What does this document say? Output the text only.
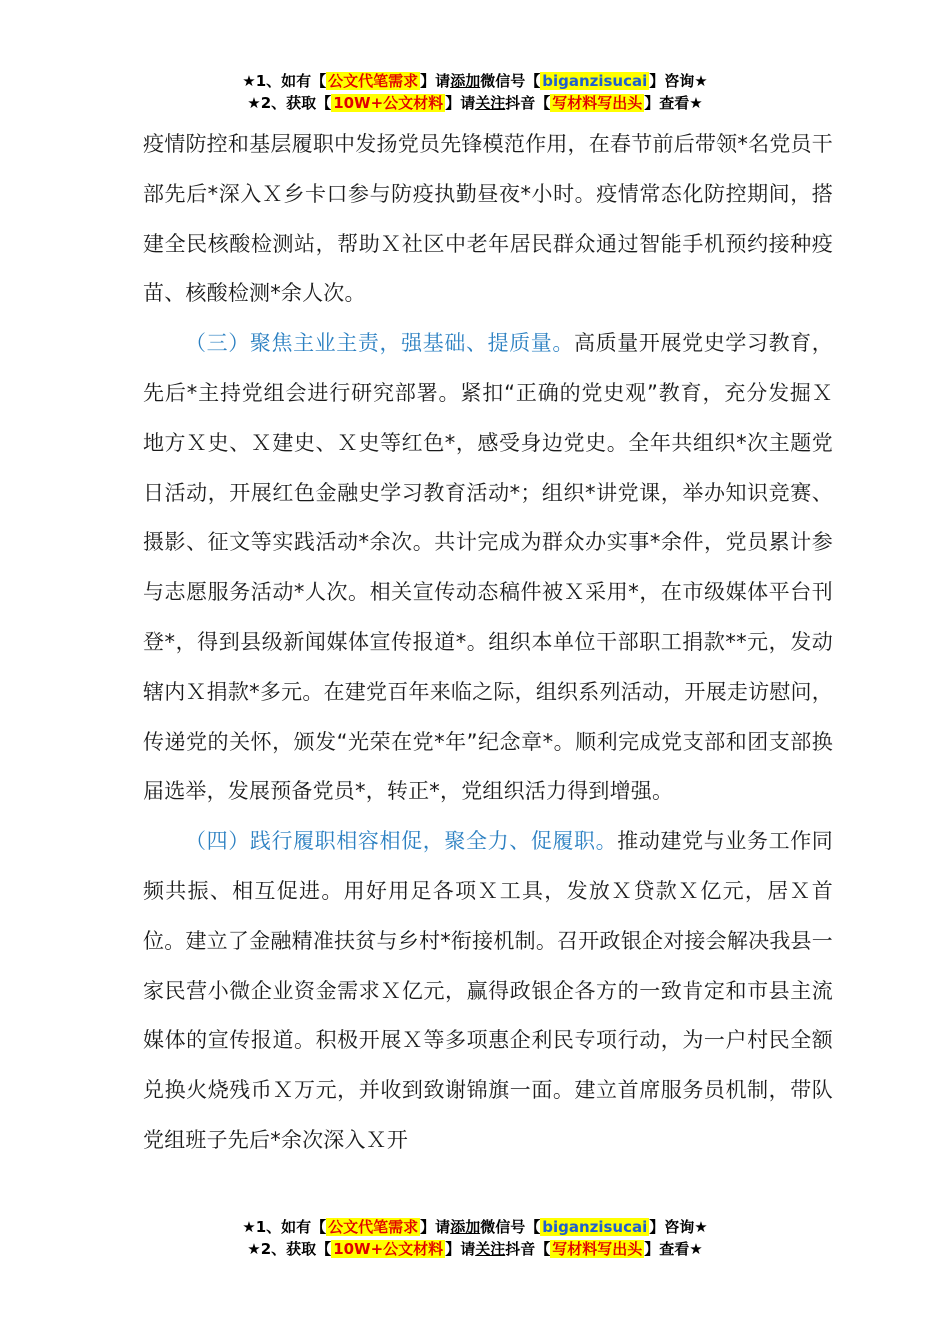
★1、如有【 公文代笔需求 】请添加微信号【 biganzisucai 】咨询★
★2、获取【 10W+公文材料 】请关注抖音【 写材料写出头 】查看★

疫情防控和基层履职中发扬党员先锋模范作用，在春节前后带领*名党员干部先后*深入Ｘ乡卡口参与防疫执勤昼夜*小时。疫情常态化防控期间，搭建全民核酸检测站，帮助Ｘ社区中老年居民群众通过智能手机预约接种疫苗、核酸检测*余人次。

（三）聚焦主业主责，强基础、提质量。高质量开展党史学习教育，先后*主持党组会进行研究部署。紧扣“正确的党史观”教育，充分发掘Ｘ地方Ｘ史、Ｘ建史、Ｘ史等红色*，感受身边党史。全年共组织*次主题党日活动，开展红色金融史学习教育活动*；组织*讲党课，举办知识竞赛、摄影、征文等实践活动*余次。共计完成为群众办实事*余件，党员累计参与志愿服务活动*人次。相关宣传动态稿件被Ｘ采用*，在市级媒体平台刊登*，得到县级新闻媒体宣传报道*。组织本单位干部职工捐款**元，发动辖内Ｘ捐款*多元。在建党百年来临之际，组织系列活动，开展走访慰问，传递党的关怀，颁发“光荣在党*年”纪念章*。顺利完成党支部和团支部换届选举，发展预备党员*，转正*，党组织活力得到增强。

（四）践行履职相容相促，聚全力、促履职。推动建党与业务工作同频共振、相互促进。用好用足各项Ｘ工具，发放Ｘ贷款Ｘ亿元，居Ｘ首位。建立了金融精准扶贫与乡村*衔接机制。召开政银企对接会解决我县一家民营小微企业资金需求Ｘ亿元，赢得政银企各方的一致肯定和市县主流媒体的宣传报道。积极开展Ｘ等多项惠企利民专项行动，为一户村民全额兑换火烧残币Ｘ万元，并收到致谢锦旗一面。建立首席服务员机制，带队党组班子先后*余次深入Ｘ开

★1、如有【 公文代笔需求 】请添加微信号【 biganzisucai 】咨询★
★2、获取【 10W+公文材料 】请关注抖音【 写材料写出头 】查看★
